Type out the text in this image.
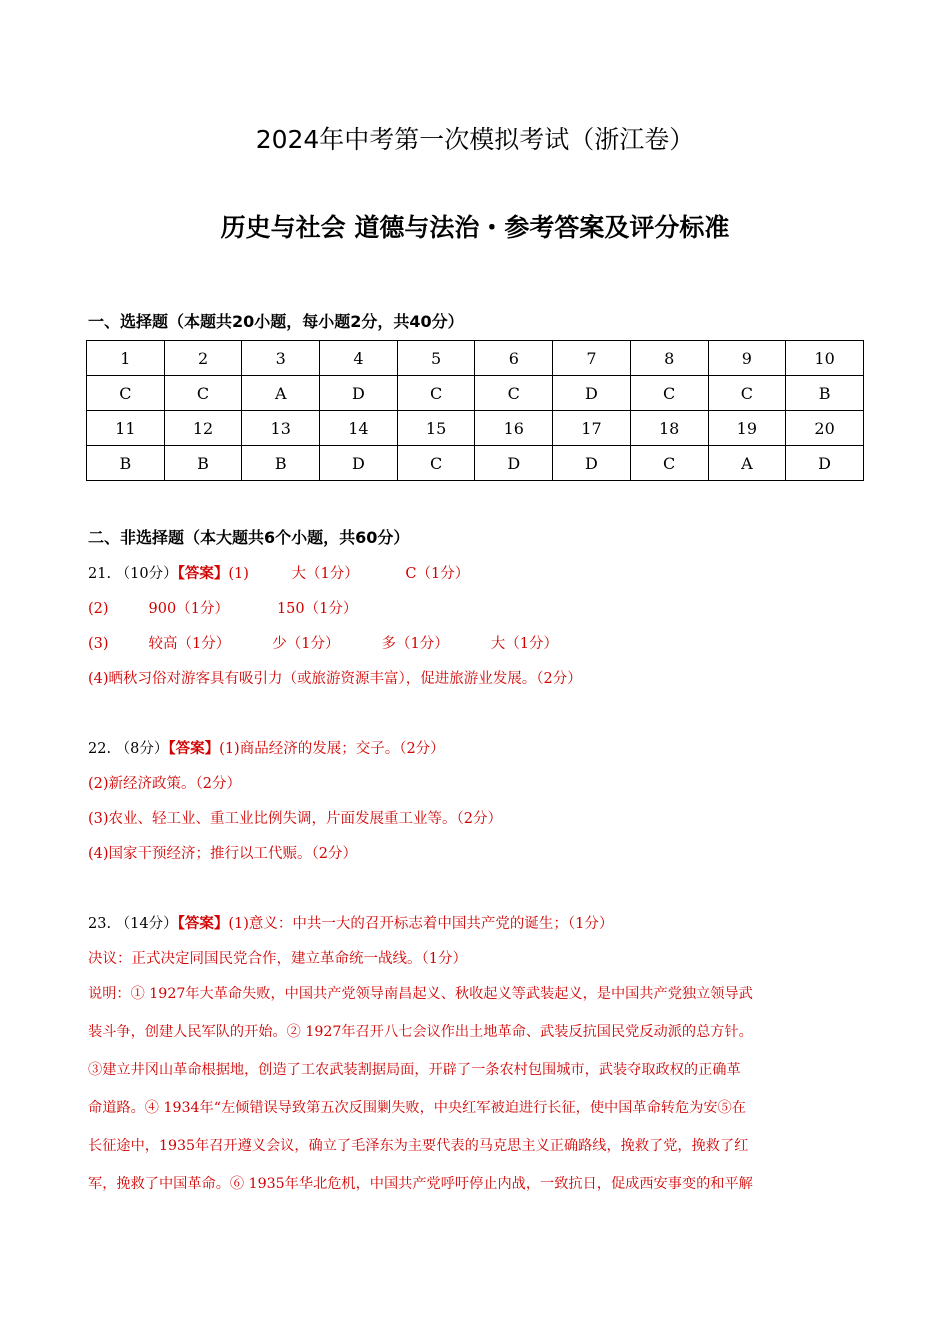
2024年中考第一次模拟考试（浙江卷）
历史与社会 道德与法治・参考答案及评分标准
一、选择题（本题共20小题，每小题2分，共40分）
1	2	3	4	5	6	7	8	9	10
C	C	A	D	C	C	D	C	C	B
11	12	13	14	15	16	17	18	19	20
B	B	B	D	C	D	D	C	A	D
二、非选择题（本大题共6个小题，共60分）
21. （10分）【答案】(1)	大（1分）	C（1分）
(2)	900（1分）	150（1分）
(3)	较高（1分）	少（1分）	多（1分）	大（1分）
(4)晒秋习俗对游客具有吸引力（或旅游资源丰富），促进旅游业发展。（2分）
22. （8分）【答案】(1)商品经济的发展；交子。（2分）
(2)新经济政策。（2分）
(3)农业、轻工业、重工业比例失调，片面发展重工业等。（2分）
(4)国家干预经济；推行以工代赈。（2分）
23. （14分）【答案】(1)意义：中共一大的召开标志着中国共产党的诞生；（1分）
决议：正式决定同国民党合作，建立革命统一战线。（1分）
说明：① 1927年大革命失败，中国共产党领导南昌起义、秋收起义等武装起义，是中国共产党独立领导武
装斗争，创建人民军队的开始。② 1927年召开八七会议作出土地革命、武装反抗国民党反动派的总方针。
③建立井冈山革命根据地，创造了工农武装割据局面，开辟了一条农村包围城市，武装夺取政权的正确革
命道路。④ 1934年“左倾错误导致第五次反围剿失败，中央红军被迫进行长征，使中国革命转危为安⑤在
长征途中，1935年召开遵义会议，确立了毛泽东为主要代表的马克思主义正确路线，挽救了党，挽救了红
军，挽救了中国革命。⑥ 1935年华北危机，中国共产党呼吁停止内战，一致抗日，促成西安事变的和平解
